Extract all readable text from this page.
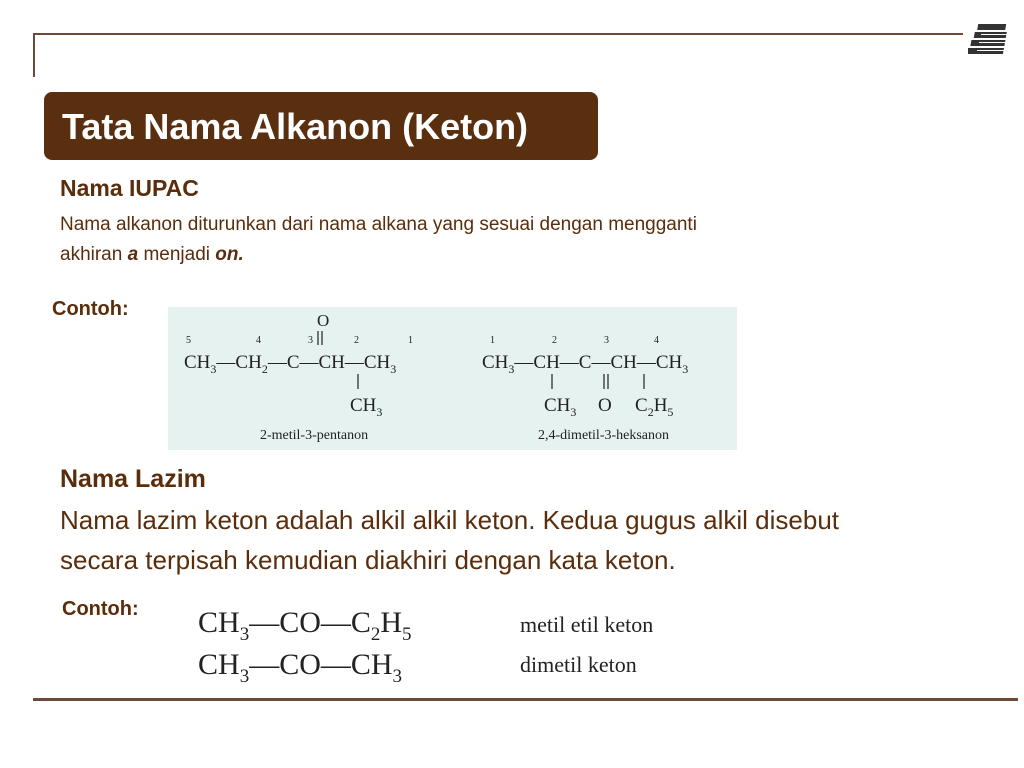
Tata Nama Alkanon (Keton)
Nama IUPAC
Nama alkanon diturunkan dari nama alkana yang sesuai dengan mengganti
akhiran a menjadi on.
Contoh:
O
5	4	3	2	1
$CH_3—CH_2—C—CH—CH_3$
$CH_3$
2-metil-3-pentanon
1	2	3	4
$CH_3—CH—C—CH—CH_3$
$CH_3$ O $C_2H_5$
2,4-dimetil-3-heksanon
Nama Lazim
Nama lazim keton adalah alkil alkil keton. Kedua gugus alkil disebut
secara terpisah kemudian diakhiri dengan kata keton.
Contoh: $CH_3—CO—C_2H_5$	metil etil keton
$CH_3—CO—CH_3$	dimetil keton
